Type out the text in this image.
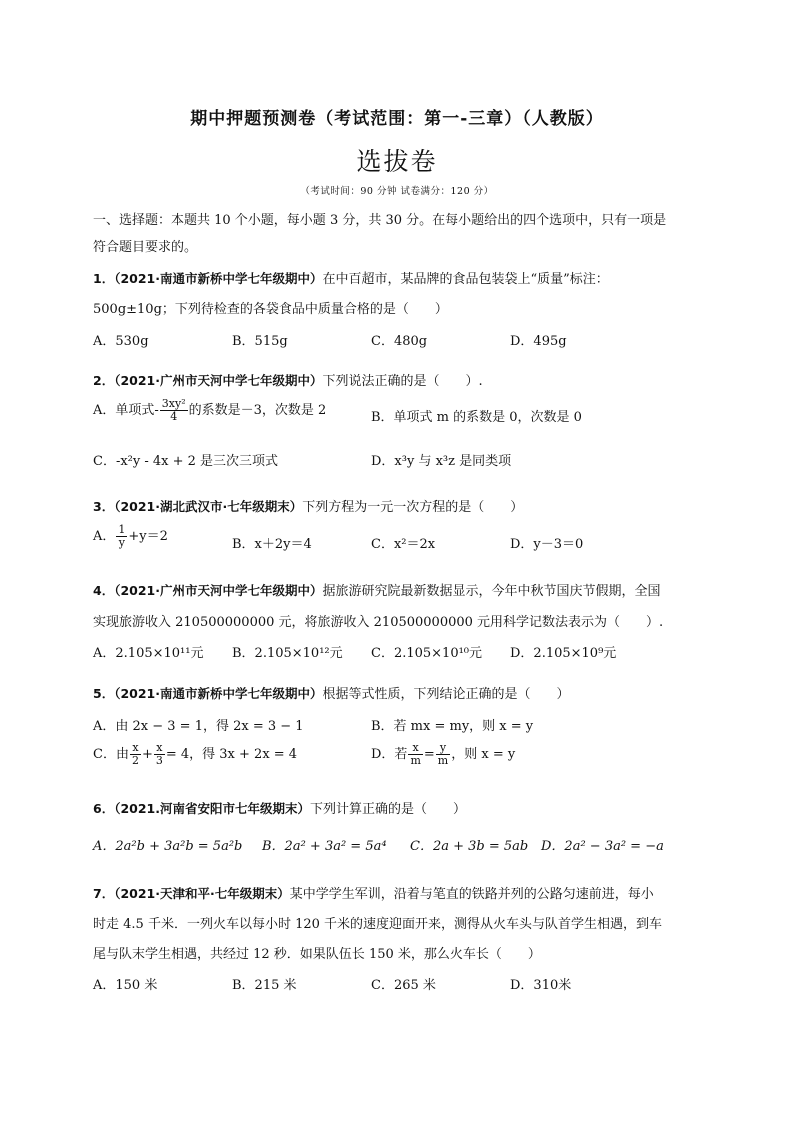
期中押题预测卷（考试范围：第一-三章）（人教版）
选拔卷
（考试时间：90 分钟 试卷满分：120 分）
一、选择题：本题共 10 个小题，每小题 3 分，共 30 分。在每小题给出的四个选项中，只有一项是
符合题目要求的。
1．（2021·南通市新桥中学七年级期中）在中百超市，某品牌的食品包装袋上“质量”标注：
500g±10g；下列待检查的各袋食品中质量合格的是（　　）
A．530g	B．515g	C．480g	D．495g
2．（2021·广州市天河中学七年级期中）下列说法正确的是（　　）.
A．单项式- $\frac{\text{3xy²}}{4}$ 的系数是－3，次数是 2	B．单项式 m 的系数是 0，次数是 0
C．-x²y - 4x + 2 是三次三项式	D．x³y 与 x³z 是同类项
3．（2021·湖北武汉市·七年级期末）下列方程为一元一次方程的是（　　）
A． $\frac{1}{y} +y=2$
B．x＋2y＝4	C．x²＝2x	D．y－3＝0
4．（2021·广州市天河中学七年级期中）据旅游研究院最新数据显示，今年中秋节国庆节假期，全国
实现旅游收入 210500000000 元，将旅游收入 210500000000 元用科学记数法表示为（　　）.
A．2.105×10¹¹元 B．2.105×10¹²元 C．2.105×10¹⁰元 D．2.105×10⁹元
5．（2021·南通市新桥中学七年级期中）根据等式性质，下列结论正确的是（　　）
A．由 2x − 3 = 1，得 2x = 3 − 1	B．若 mx = my，则 x = y
C．由 $\frac{x}{2} + \frac{x}{3} = 4$，得 3x + 2x = 4	D．若 $\frac{x}{m} = \frac{y}{m}$ ，则 x = y
6．（2021.河南省安阳市七年级期末）下列计算正确的是（　　）
A．2a²b + 3a²b = 5a²b B．2a² + 3a² = 5a⁴ C．2a + 3b = 5ab D．2a² − 3a² = −a
7．（2021·天津和平·七年级期末）某中学学生军训，沿着与笔直的铁路并列的公路匀速前进，每小
时走 4.5 千米．一列火车以每小时 120 千米的速度迎面开来，测得从火车头与队首学生相遇，到车
尾与队末学生相遇，共经过 12 秒．如果队伍长 150 米，那么火车长（　　）
A．150 米	B．215 米	C．265 米	D．310米
